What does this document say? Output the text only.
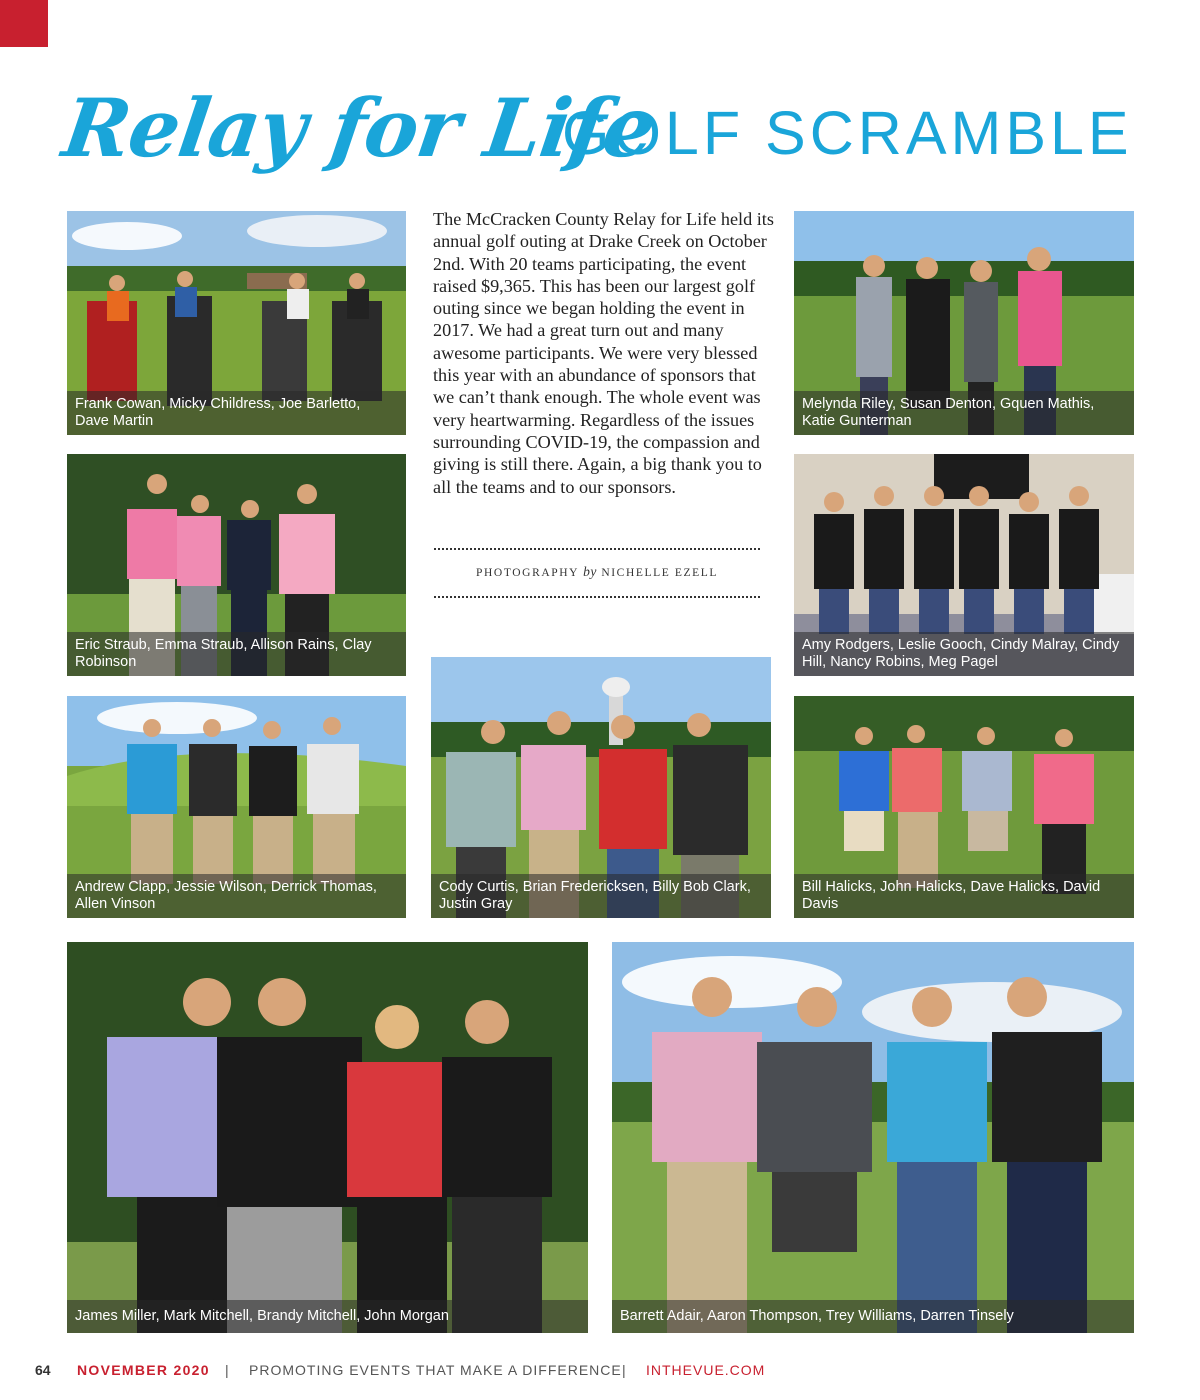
Relay for Life
GOLF SCRAMBLE
Frank Cowan, Micky Childress, Joe Barletto, Dave Martin
Melynda Riley, Susan Denton, Gquen Mathis, Katie Gunterman
Eric Straub, Emma Straub, Allison Rains, Clay Robinson
Amy Rodgers, Leslie Gooch, Cindy Malray, Cindy Hill, Nancy Robins, Meg Pagel
Andrew Clapp, Jessie Wilson, Derrick Thomas, Allen Vinson
Cody Curtis, Brian Fredericksen, Billy Bob Clark, Justin Gray
Bill Halicks, John Halicks, Dave Halicks, David Davis
James Miller, Mark Mitchell, Brandy Mitchell, John Morgan	Barrett Adair, Aaron Thompson, Trey Williams, Darren Tinsely
The McCracken County Relay for Life held its annual golf outing at Drake Creek on October 2nd. With 20 teams participating, the event raised $9,365. This has been our largest golf outing since we began holding the event in 2017. We had a great turn out and many awesome participants. We were very blessed this year with an abundance of sponsors that we can’t thank enough. The whole event was very heartwarming. Regardless of the issues surrounding COVID-19, the compassion and giving is still there. Again, a big thank you to all the teams and to our sponsors.
PHOTOGRAPHY by NICHELLE EZELL
64 NOVEMBER 2020 | PROMOTING EVENTS THAT MAKE A DIFFERENCE | INTHEVUE.COM
